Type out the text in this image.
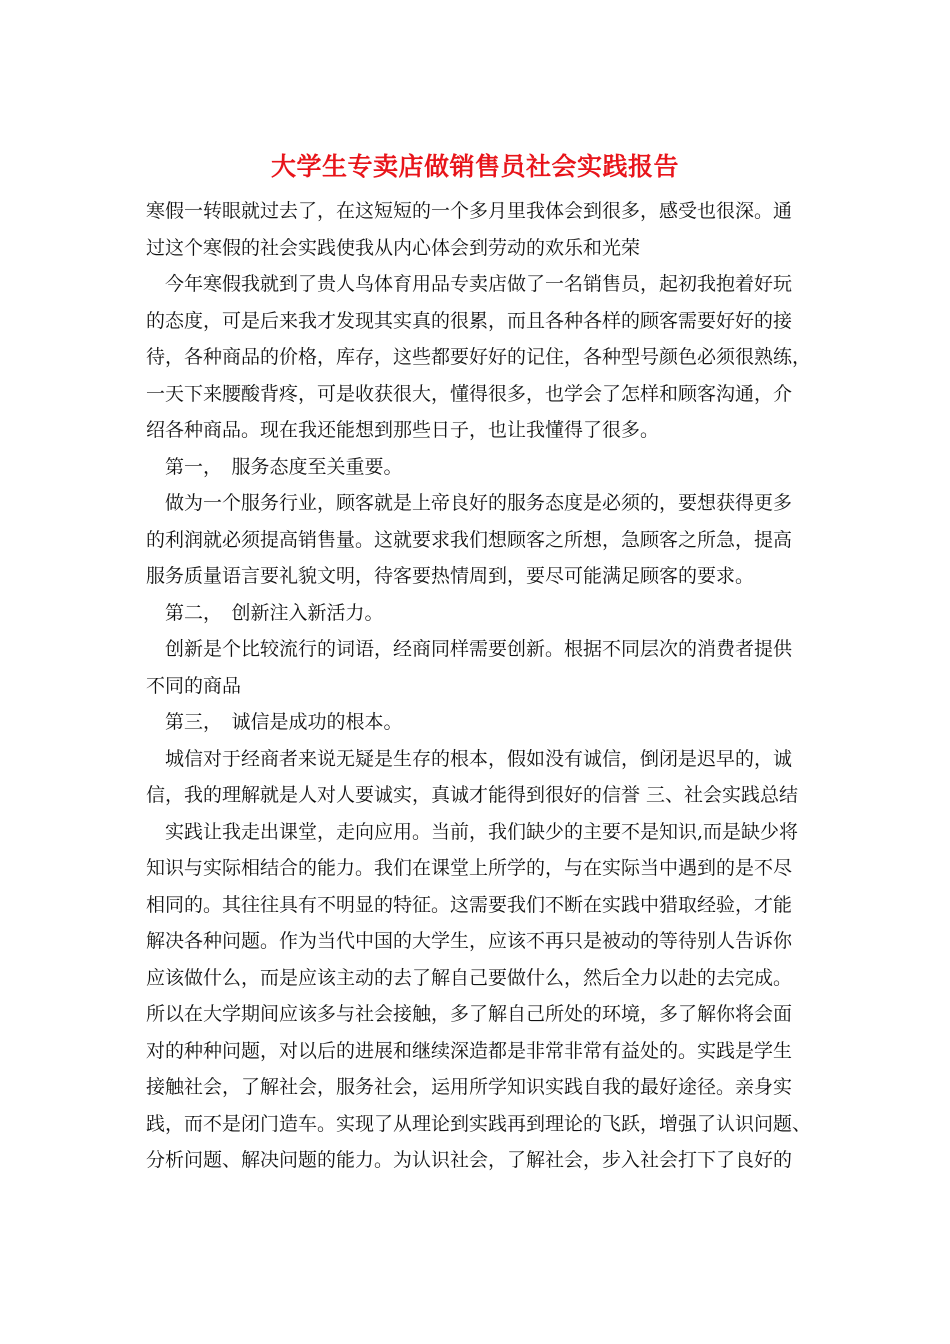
大学生专卖店做销售员社会实践报告
寒假一转眼就过去了，在这短短的一个多月里我体会到很多，感受也很深。通
过这个寒假的社会实践使我从内心体会到劳动的欢乐和光荣
今年寒假我就到了贵人鸟体育用品专卖店做了一名销售员，起初我抱着好玩
的态度，可是后来我才发现其实真的很累，而且各种各样的顾客需要好好的接
待，各种商品的价格，库存，这些都要好好的记住，各种型号颜色必须很熟练，
一天下来腰酸背疼，可是收获很大，懂得很多，也学会了怎样和顾客沟通，介
绍各种商品。现在我还能想到那些日子，也让我懂得了很多。
第一，　服务态度至关重要。
做为一个服务行业，顾客就是上帝良好的服务态度是必须的，要想获得更多
的利润就必须提高销售量。这就要求我们想顾客之所想，急顾客之所急，提高
服务质量语言要礼貌文明，待客要热情周到，要尽可能满足顾客的要求。
第二，　创新注入新活力。
创新是个比较流行的词语，经商同样需要创新。根据不同层次的消费者提供
不同的商品
第三，　诚信是成功的根本。
城信对于经商者来说无疑是生存的根本，假如没有诚信，倒闭是迟早的，诚
信，我的理解就是人对人要诚实，真诚才能得到很好的信誉 三、社会实践总结
实践让我走出课堂，走向应用。当前，我们缺少的主要不是知识,而是缺少将
知识与实际相结合的能力。我们在课堂上所学的，与在实际当中遇到的是不尽
相同的。其往往具有不明显的特征。这需要我们不断在实践中猎取经验，才能
解决各种问题。作为当代中国的大学生，应该不再只是被动的等待别人告诉你
应该做什么，而是应该主动的去了解自己要做什么，然后全力以赴的去完成。
所以在大学期间应该多与社会接触，多了解自己所处的环境，多了解你将会面
对的种种问题，对以后的进展和继续深造都是非常非常有益处的。实践是学生
接触社会，了解社会，服务社会，运用所学知识实践自我的最好途径。亲身实
践，而不是闭门造车。实现了从理论到实践再到理论的飞跃，增强了认识问题、
分析问题、解决问题的能力。为认识社会，了解社会，步入社会打下了良好的
